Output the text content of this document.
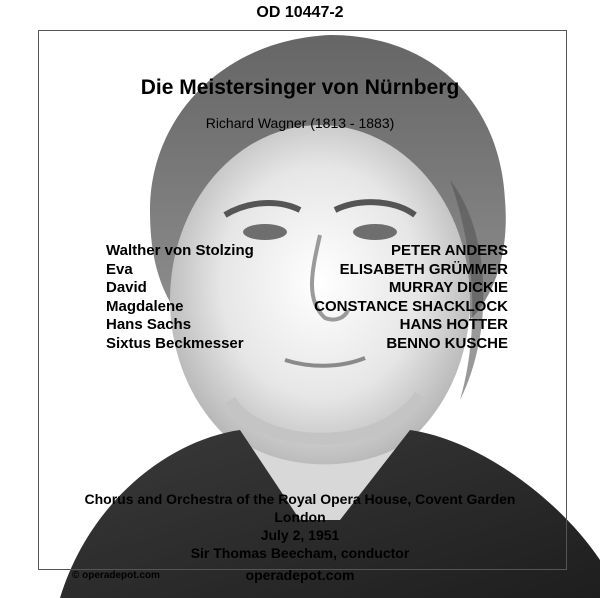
OD 10447-2
Die Meistersinger von Nürnberg
Richard Wagner (1813 - 1883)
Walther von Stolzing	PETER ANDERS
Eva	ELISABETH GRÜMMER
David	MURRAY DICKIE
Magdalene	CONSTANCE SHACKLOCK
Hans Sachs	HANS HOTTER
Sixtus Beckmesser	BENNO KUSCHE
Chorus and Orchestra of the Royal Opera House, Covent Garden
London
July 2, 1951
Sir Thomas Beecham, conductor
© operadepot.com	operadepot.com
